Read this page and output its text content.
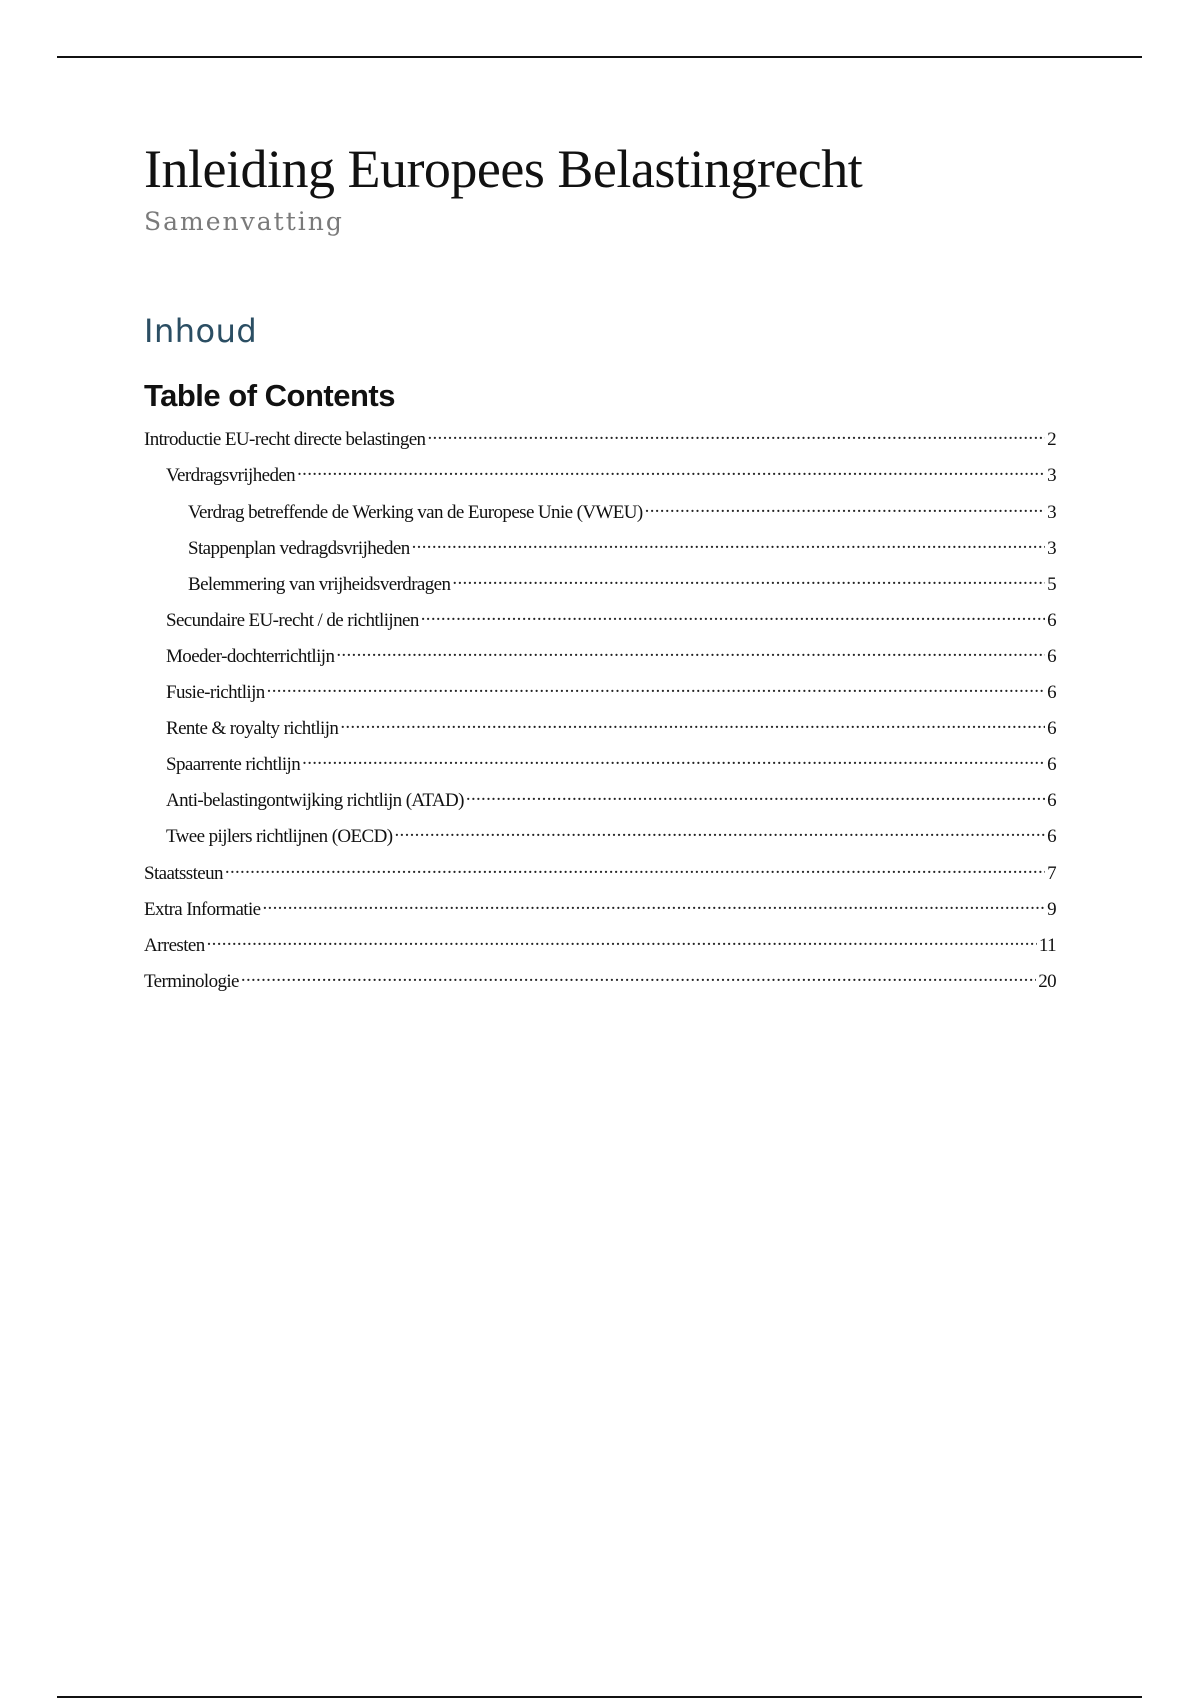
Inleiding Europees Belastingrecht
Samenvatting
Inhoud
Table of Contents
Introductie EU-recht directe belastingen .....	2
Verdragsvrijheden .....	3
Verdrag betreffende de Werking van de Europese Unie (VWEU) .....	3
Stappenplan vedragdsvrijheden .....	3
Belemmering van vrijheidsverdragen .....	5
Secundaire EU-recht / de richtlijnen .....	6
Moeder-dochterrichtlijn .....	6
Fusie-richtlijn .....	6
Rente & royalty richtlijn .....	6
Spaarrente richtlijn .....	6
Anti-belastingontwijking richtlijn (ATAD) .....	6
Twee pijlers richtlijnen (OECD) .....	6
Staatssteun .....	7
Extra Informatie .....	9
Arresten .....	11
Terminologie .....	20
